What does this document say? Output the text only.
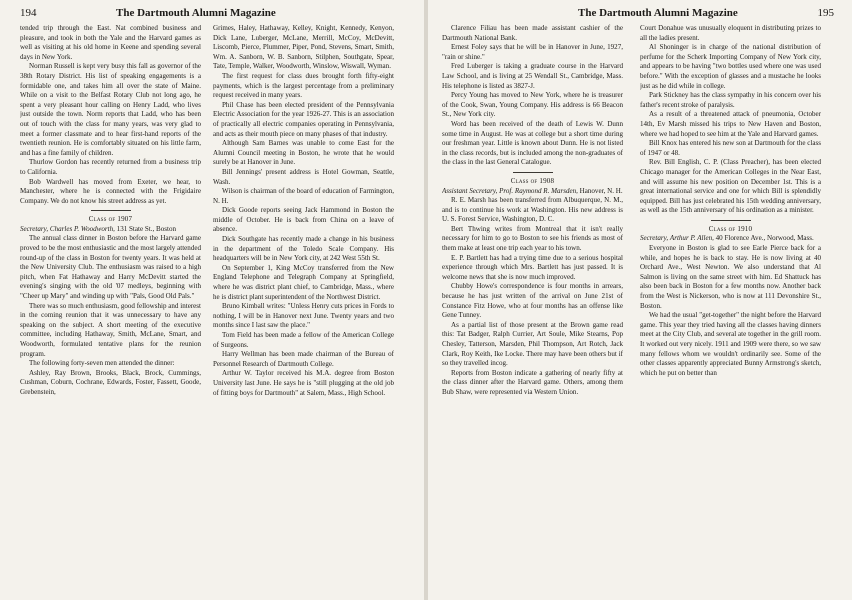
194	The Dartmouth Alumni Magazine

tended trip through the East. Nat combined business and pleasure, and took in both the Yale and the Harvard games as well as visiting at his old home in Keene and spending several days in New York.

Norman Russell is kept very busy this fall as governor of the 38th Rotary District. His list of speaking engagements is a formidable one, and takes him all over the state of Maine. While on a visit to the Belfast Rotary Club not long ago, he spent a very pleasant hour calling on Henry Ladd, who lives just outside the town. Norm reports that Ladd, who has been out of touch with the class for many years, was very glad to meet a former classmate and to hear first-hand reports of the twentieth reunion. He is comfortably situated on his little farm, and has a fine family of children.

Thurlow Gordon has recently returned from a business trip to California.

Bob Wardwell has moved from Exeter, we hear, to Manchester, where he is connected with the Frigidaire Company. We do not know his street address as yet.

Class of 1907

Secretary, Charles P. Woodworth, 131 State St., Boston

The annual class dinner in Boston before the Harvard game proved to be the most enthusiastic and the most largely attended round-up of the class in Boston for twenty years. It was held at the New University Club. The enthusiasm was raised to a high pitch, when Fat Hathaway and Harry McDevitt started the evening's singing with the old '07 medleys, beginning with "Cheer up Mary" and winding up with "Pals, Good Old Pals."

There was so much enthusiasm, good fellowship and interest in the coming reunion that it was unnecessary to have any speaking on the subject. A short meeting of the executive committee, including Hathaway, Smith, McLane, Smart, and Woodworth, formulated tentative plans for the reunion program.

The following forty-seven men attended the dinner:

Ashley, Ray Brown, Brooks, Black, Brock, Cummings, Cushman, Coburn, Cochrane, Edwards, Foster, Fassett, Goode, Grebenstein,

Grimes, Haley, Hathaway, Kelley, Knight, Kennedy, Kenyon, Dick Lane, Luberger, McLane, Merrill, McCoy, McDevitt, Liscomb, Pierce, Plummer, Piper, Pond, Stevens, Smart, Smith, Wm. A. Sanborn, W. B. Sanborn, Stilphen, Southgate, Spear, Tate, Temple, Walker, Woodworth, Winslow, Wiswall, Wyman.

The first request for class dues brought forth fifty-eight payments, which is the largest percentage from a preliminary request received in many years.

Phil Chase has been elected president of the Pennsylvania Electric Association for the year 1926-27. This is an association of practically all electric companies operating in Pennsylvania, and acts as their mouth piece on many phases of that industry.

Although Sam Barnes was unable to come East for the Alumni Council meeting in Boston, he wrote that he would surely be at Hanover in June.

Bill Jennings' present address is Hotel Gowman, Seattle, Wash.

Wilson is chairman of the board of education of Farmington, N. H.

Dick Goode reports seeing Jack Hammond in Boston the middle of October. He is back from China on a leave of absence.

Dick Southgate has recently made a change in his business in the department of the Toledo Scale Company. His headquarters will be in New York city, at 242 West 55th St.

On September 1, King McCoy transferred from the New England Telephone and Telegraph Company at Springfield, where he was district plant chief, to Cambridge, Mass., where he is district plant superintendent of the Northwest District.

Bruno Kimball writes: "Unless Henry cuts prices in Fords to nothing, I will be in Hanover next June. Twenty years and two months since I last saw the place."

Tom Field has been made a fellow of the American College of Surgeons.

Harry Wellman has been made chairman of the Bureau of Personnel Research of Dartmouth College.

Arthur W. Taylor received his M.A. degree from Boston University last June. He says he is "still plugging at the old job of fitting boys for Dartmouth" at Salem, Mass., High School.

The Dartmouth Alumni Magazine	195

Clarence Filiau has been made assistant cashier of the Dartmouth National Bank.

Ernest Foley says that he will be in Hanover in June, 1927, "rain or shine."

Fred Luberger is taking a graduate course in the Harvard Law School, and is living at 25 Wendall St., Cambridge, Mass. His telephone is listed as 3827-J.

Percy Young has moved to New York, where he is treasurer of the Cook, Swan, Young Company. His address is 66 Beacon St., New York city.

Word has been received of the death of Lewis W. Dunn some time in August. He was at college but a short time during our freshman year. Little is known about Dunn. He is not listed in the class records, but is included among the non-graduates of the class in the last General Catalogue.

Class of 1908

Assistant Secretary, Prof. Raymond R. Marsden, Hanover, N. H.

R. E. Marsh has been transferred from Albuquerque, N. M., and is to continue his work at Washington. His new address is U. S. Forest Service, Washington, D. C.

Bert Thwing writes from Montreal that it isn't really necessary for him to go to Boston to see his friends as most of them make at least one trip each year to his town.

E. P. Bartlett has had a trying time due to a serious hospital experience through which Mrs. Bartlett has just passed. It is welcome news that she is now much improved.

Chubby Howe's correspondence is four months in arrears, because he has just written of the arrival on June 21st of Constance Fitz Howe, who at four months has an offense like Gene Tunney.

As a partial list of those present at the Brown game read this: Tat Badger, Ralph Currier, Art Soule, Mike Stearns, Pop Chesley, Tatterson, Marsden, Phil Thompson, Art Rotch, Jack Clark, Roy Keith, Ike Locke. There may have been others but if so they travelled incog.

Reports from Boston indicate a gathering of nearly fifty at the class dinner after the Harvard game. Others, among them Bub Shaw, were represented via Western Union.

Court Donahue was unusually eloquent in distributing prizes to all the ladies present.

Al Shoninger is in charge of the national distribution of perfume for the Scherk Importing Company of New York city, and appears to be having "two bottles used where one was used before." With the exception of glasses and a mustache he looks just as he did while in college.

Park Stickney has the class sympathy in his concern over his father's recent stroke of paralysis.

As a result of a threatened attack of pneumonia, October 14th, Ev Marsh missed his trips to New Haven and Boston, where we had hoped to see him at the Yale and Harvard games.

Bill Knox has entered his new son at Dartmouth for the class of 1947 or 48.

Rev. Bill English, C. P. (Class Preacher), has been elected Chicago manager for the American Colleges in the Near East, and will assume his new position on December 1st. This is a great international service and one for which Bill is splendidly equipped. Bill has just celebrated his 15th wedding anniversary, as well as the 15th anniversary of his ordination as a minister.

Class of 1910

Secretary, Arthur P. Allen, 40 Florence Ave., Norwood, Mass.

Everyone in Boston is glad to see Earle Pierce back for a while, and hopes he is back to stay. He is now living at 40 Orchard Ave., West Newton. We also understand that Al Salmon is living on the same street with him. Ed Shattuck has also been back in Boston for a few months now. Another back from the West is Nickerson, who is now at 111 Devonshire St., Boston.

We had the usual "get-together" the night before the Harvard game. This year they tried having all the classes having dinners meet at the City Club, and several ate together in the grill room. It worked out very nicely. 1911 and 1909 were there, so we saw many fellows whom we wouldn't ordinarily see. Some of the other classes apparently appreciated Bunny Armstrong's sketch, which he put on better than
